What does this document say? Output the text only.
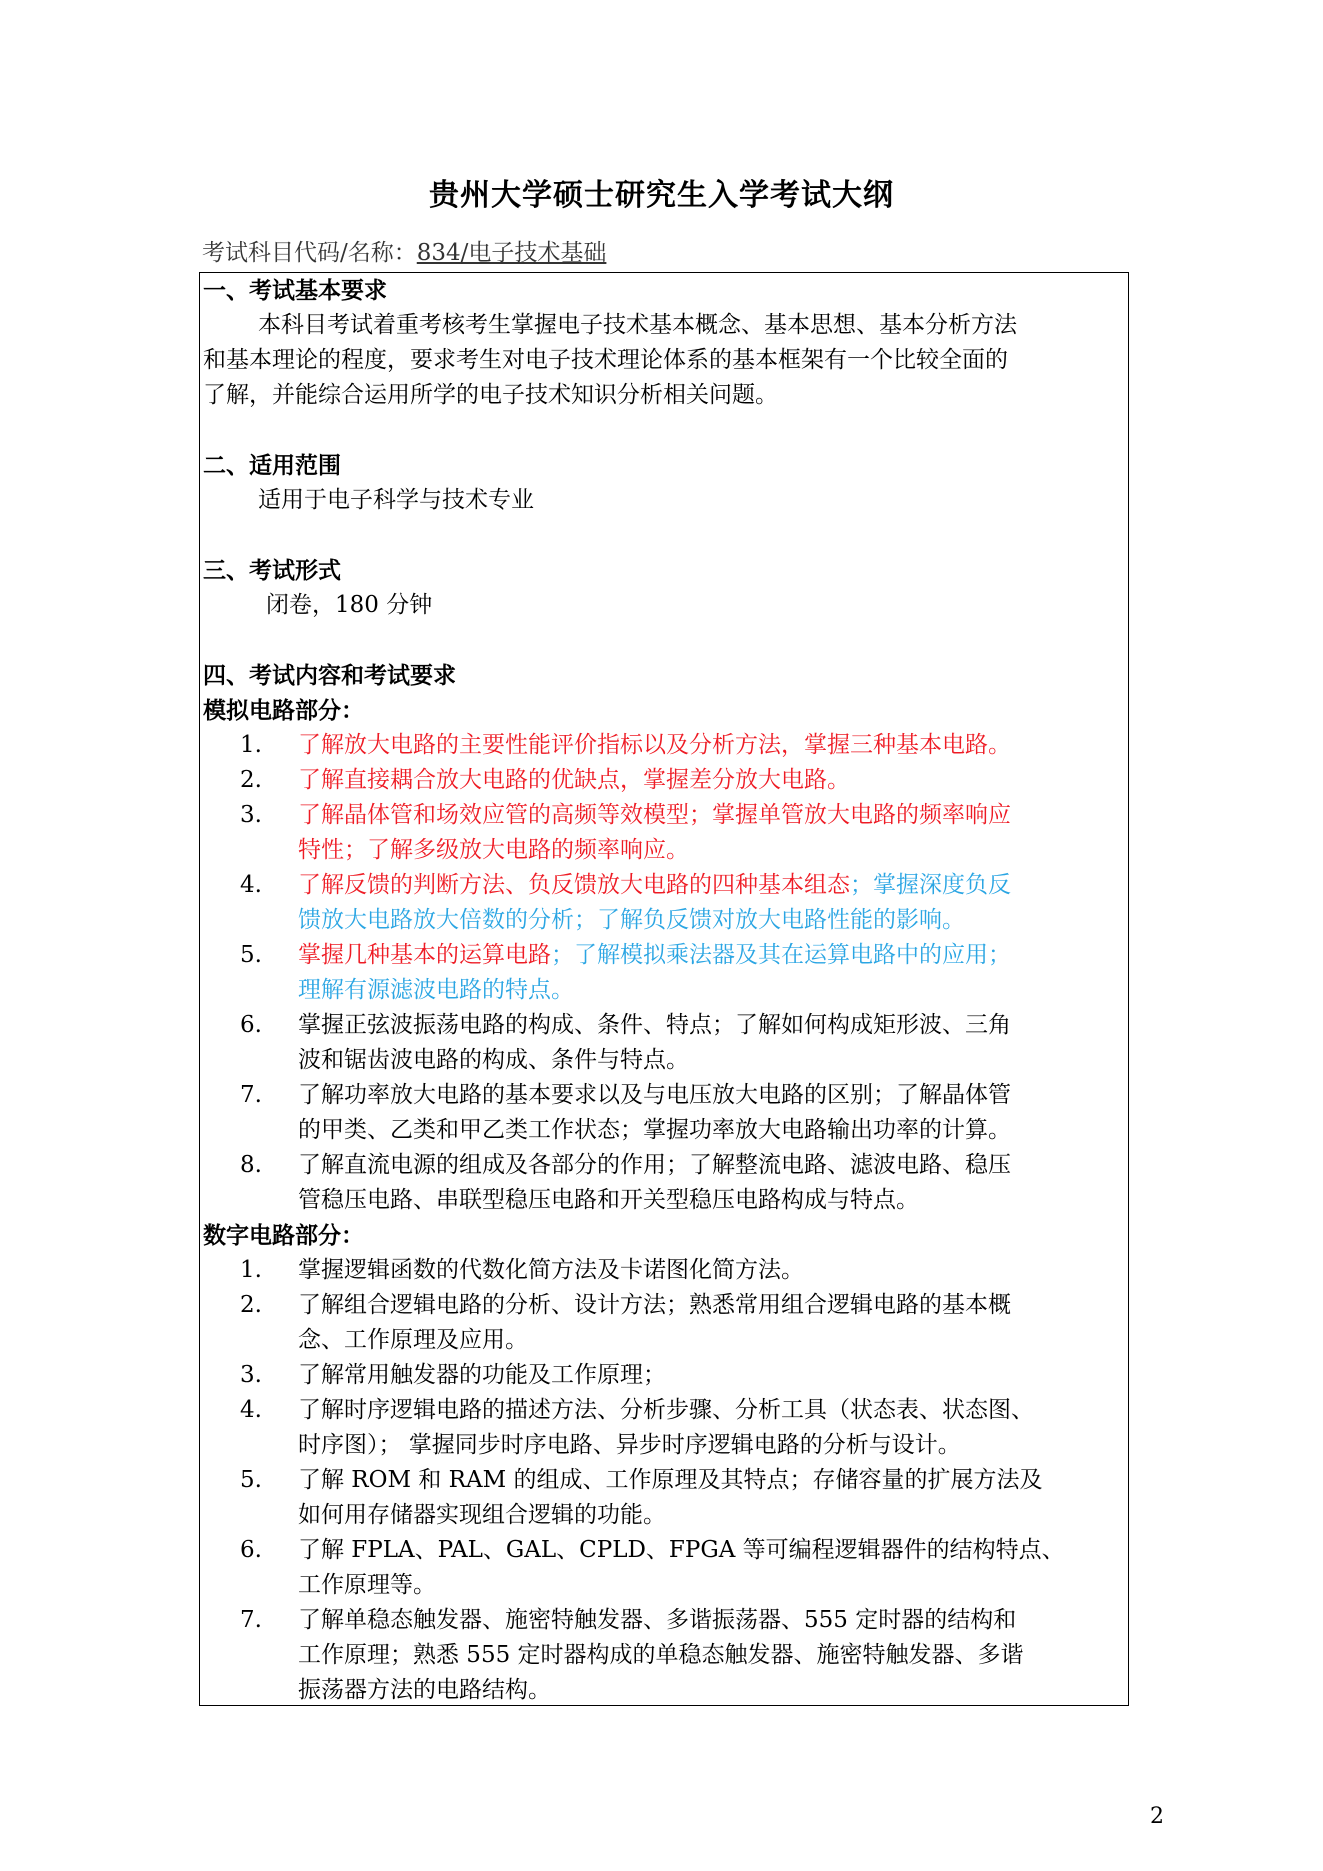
贵州大学硕士研究生入学考试大纲
考试科目代码/名称：834/电子技术基础
一、考试基本要求
本科目考试着重考核考生掌握电子技术基本概念、基本思想、基本分析方法
和基本理论的程度，要求考生对电子技术理论体系的基本框架有一个比较全面的
了解，并能综合运用所学的电子技术知识分析相关问题。
二、适用范围
适用于电子科学与技术专业
三、考试形式
闭卷，180 分钟
四、考试内容和考试要求
模拟电路部分：
1.	了解放大电路的主要性能评价指标以及分析方法，掌握三种基本电路。
2.	了解直接耦合放大电路的优缺点，掌握差分放大电路。
3.	了解晶体管和场效应管的高频等效模型；掌握单管放大电路的频率响应
特性；了解多级放大电路的频率响应。
4.	了解反馈的判断方法、负反馈放大电路的四种基本组态；掌握深度负反
馈放大电路放大倍数的分析；了解负反馈对放大电路性能的影响。
5.	掌握几种基本的运算电路；了解模拟乘法器及其在运算电路中的应用；
理解有源滤波电路的特点。
6.	掌握正弦波振荡电路的构成、条件、特点；了解如何构成矩形波、三角
波和锯齿波电路的构成、条件与特点。
7.	了解功率放大电路的基本要求以及与电压放大电路的区别；了解晶体管
的甲类、乙类和甲乙类工作状态；掌握功率放大电路输出功率的计算。
8.	了解直流电源的组成及各部分的作用；了解整流电路、滤波电路、稳压
管稳压电路、串联型稳压电路和开关型稳压电路构成与特点。
数字电路部分：
1.	掌握逻辑函数的代数化简方法及卡诺图化简方法。
2.	了解组合逻辑电路的分析、设计方法；熟悉常用组合逻辑电路的基本概
念、工作原理及应用。
3.	了解常用触发器的功能及工作原理；
4.	了解时序逻辑电路的描述方法、分析步骤、分析工具（状态表、状态图、
时序图）； 掌握同步时序电路、异步时序逻辑电路的分析与设计。
5.	了解 ROM 和 RAM 的组成、工作原理及其特点；存储容量的扩展方法及
如何用存储器实现组合逻辑的功能。
6.	了解 FPLA、PAL、GAL、CPLD、FPGA 等可编程逻辑器件的结构特点、
工作原理等。
7.	了解单稳态触发器、施密特触发器、多谐振荡器、555 定时器的结构和
工作原理；熟悉 555 定时器构成的单稳态触发器、施密特触发器、多谐
振荡器方法的电路结构。
2
